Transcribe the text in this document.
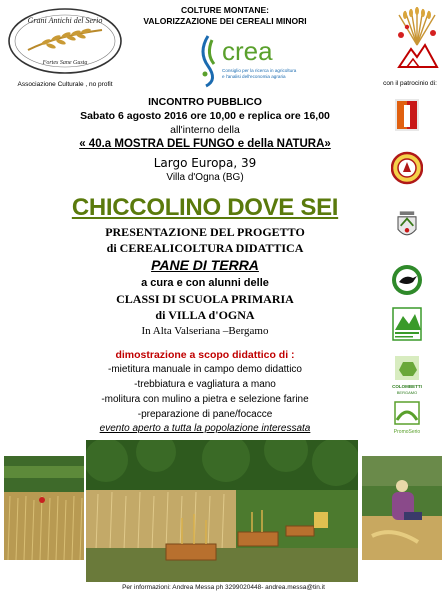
Grani Antichi del Serio
Fortes Sane Gusta
Associazione Culturale , no profit
COLTURE MONTANE:
VALORIZZAZIONE DEI CEREALI MINORI
crea
Consiglio per la ricerca in agricoltura
e l'analisi dell'economia agraria
con il patrocinio di:
COLOMBETTI
BERGAMO
PromoSerio
INCONTRO PUBBLICO
Sabato 6 agosto 2016 ore 10,00 e replica ore 16,00
all'interno della
« 40.a MOSTRA DEL FUNGO e della NATURA»
Largo Europa, 39
Villa d'Ogna (BG)
CHICCOLINO DOVE SEI
PRESENTAZIONE DEL PROGETTO
di CEREALICOLTURA DIDATTICA
PANE DI TERRA
a cura e con alunni delle
CLASSI DI SCUOLA PRIMARIA
di VILLA d'OGNA
In Alta Valseriana –Bergamo
dimostrazione a scopo didattico di :
-mietitura manuale in campo demo didattico
-trebbiatura e vagliatura a mano
-molitura con mulino a pietra e selezione farine
-preparazione di pane/focacce
evento aperto a tutta la popolazione interessata
Per informazioni: Andrea Messa ph 3299020448- andrea.messa@tin.it
